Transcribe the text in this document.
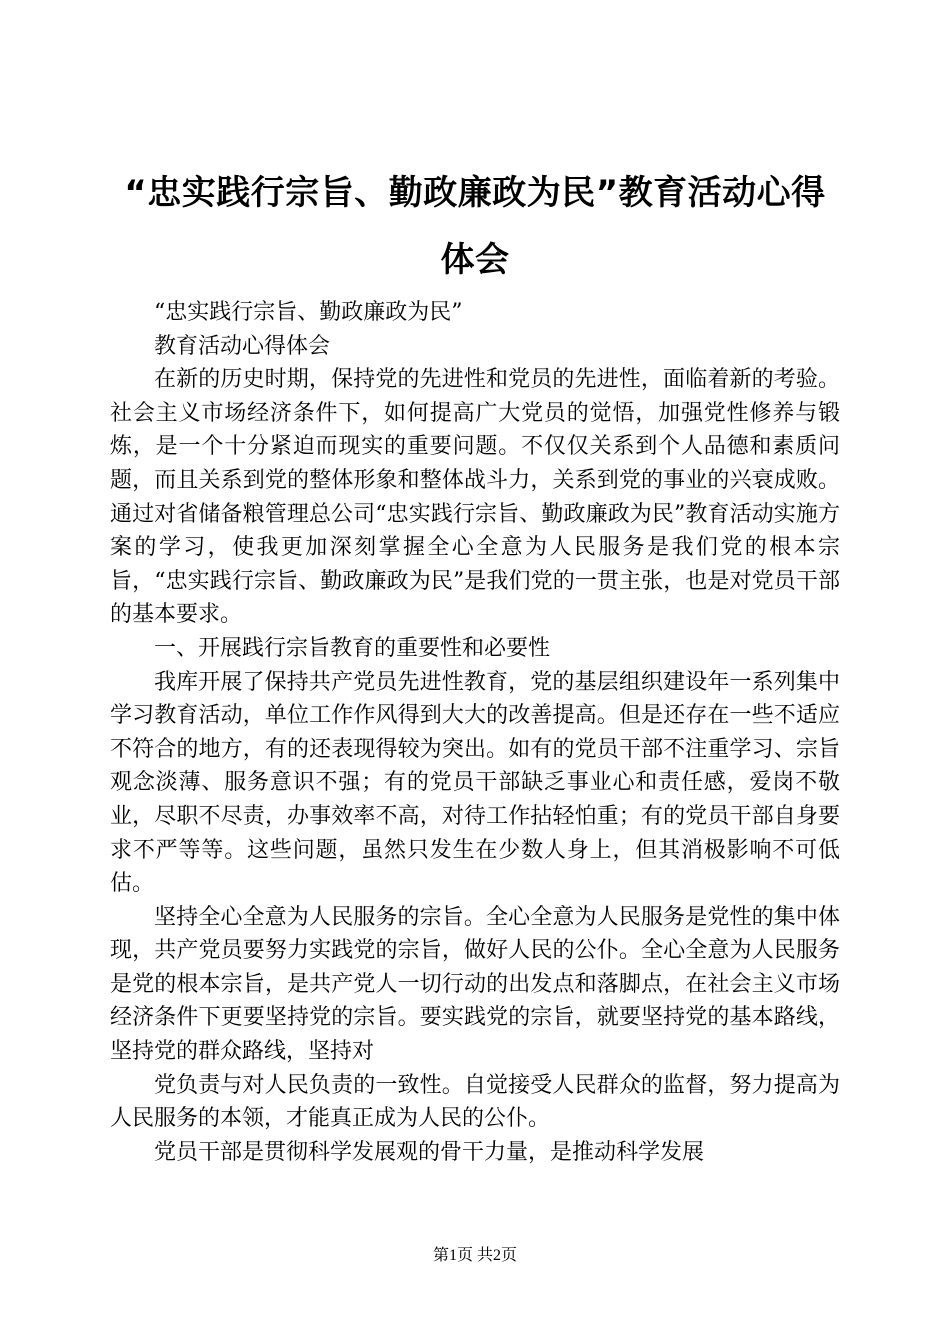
“忠实践行宗旨、勤政廉政为民”教育活动心得体会

“忠实践行宗旨、勤政廉政为民”

教育活动心得体会

在新的历史时期，保持党的先进性和党员的先进性，面临着新的考验。社会主义市场经济条件下，如何提高广大党员的觉悟，加强党性修养与锻炼，是一个十分紧迫而现实的重要问题。不仅仅关系到个人品德和素质问题，而且关系到党的整体形象和整体战斗力，关系到党的事业的兴衰成败。通过对省储备粮管理总公司“忠实践行宗旨、勤政廉政为民”教育活动实施方案的学习，使我更加深刻掌握全心全意为人民服务是我们党的根本宗旨，“忠实践行宗旨、勤政廉政为民”是我们党的一贯主张，也是对党员干部的基本要求。

一、开展践行宗旨教育的重要性和必要性

我库开展了保持共产党员先进性教育，党的基层组织建设年一系列集中学习教育活动，单位工作作风得到大大的改善提高。但是还存在一些不适应不符合的地方，有的还表现得较为突出。如有的党员干部不注重学习、宗旨观念淡薄、服务意识不强；有的党员干部缺乏事业心和责任感，爱岗不敬业，尽职不尽责，办事效率不高，对待工作拈轻怕重；有的党员干部自身要求不严等等。这些问题，虽然只发生在少数人身上，但其消极影响不可低估。

坚持全心全意为人民服务的宗旨。全心全意为人民服务是党性的集中体现，共产党员要努力实践党的宗旨，做好人民的公仆。全心全意为人民服务是党的根本宗旨，是共产党人一切行动的出发点和落脚点，在社会主义市场经济条件下更要坚持党的宗旨。要实践党的宗旨，就要坚持党的基本路线，坚持党的群众路线，坚持对

党负责与对人民负责的一致性。自觉接受人民群众的监督，努力提高为人民服务的本领，才能真正成为人民的公仆。

党员干部是贯彻科学发展观的骨干力量，是推动科学发展

第1页 共2页
